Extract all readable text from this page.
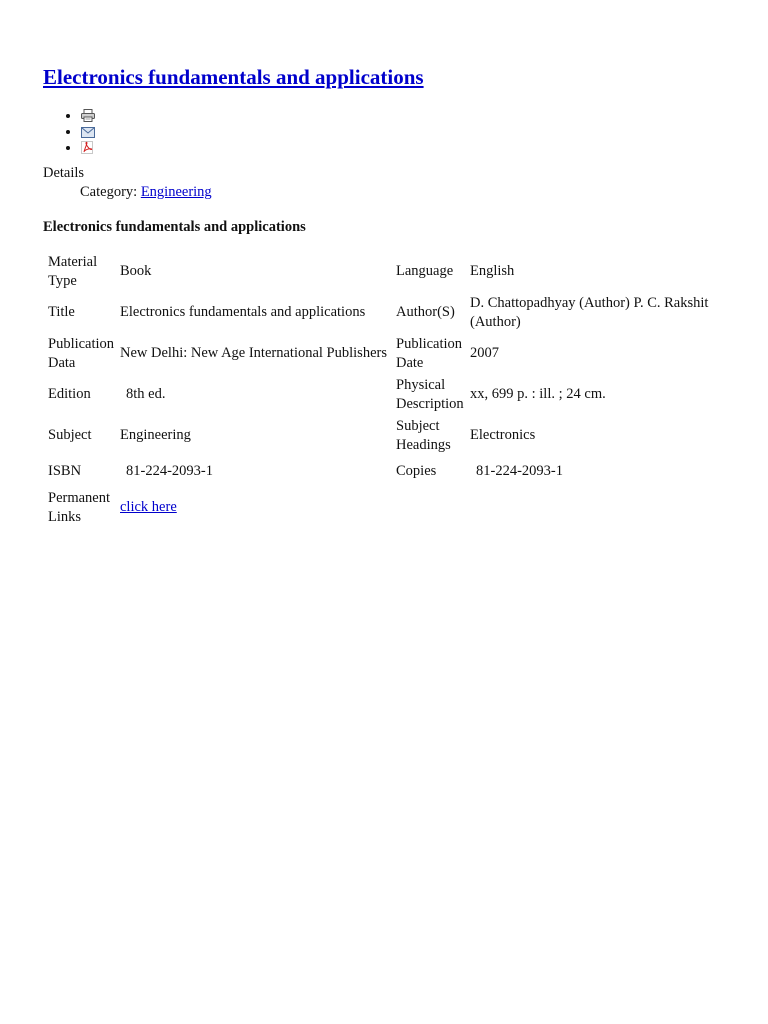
Electronics fundamentals and applications
•
•
•
Details
Category: Engineering
Electronics fundamentals and applications
Material Type	Book	Language	English
Title	Electronics fundamentals and applications	Author(S)	D. Chattopadhyay (Author) P. C. Rakshit (Author)
Publication Data	New Delhi: New Age International Publishers	Publication Date	2007
Edition	8th ed.	Physical Description	xx, 699 p. : ill. ; 24 cm.
Subject	Engineering	Subject Headings	Electronics
ISBN	81-224-2093-1	Copies	81-224-2093-1
Permanent Links	click here		
